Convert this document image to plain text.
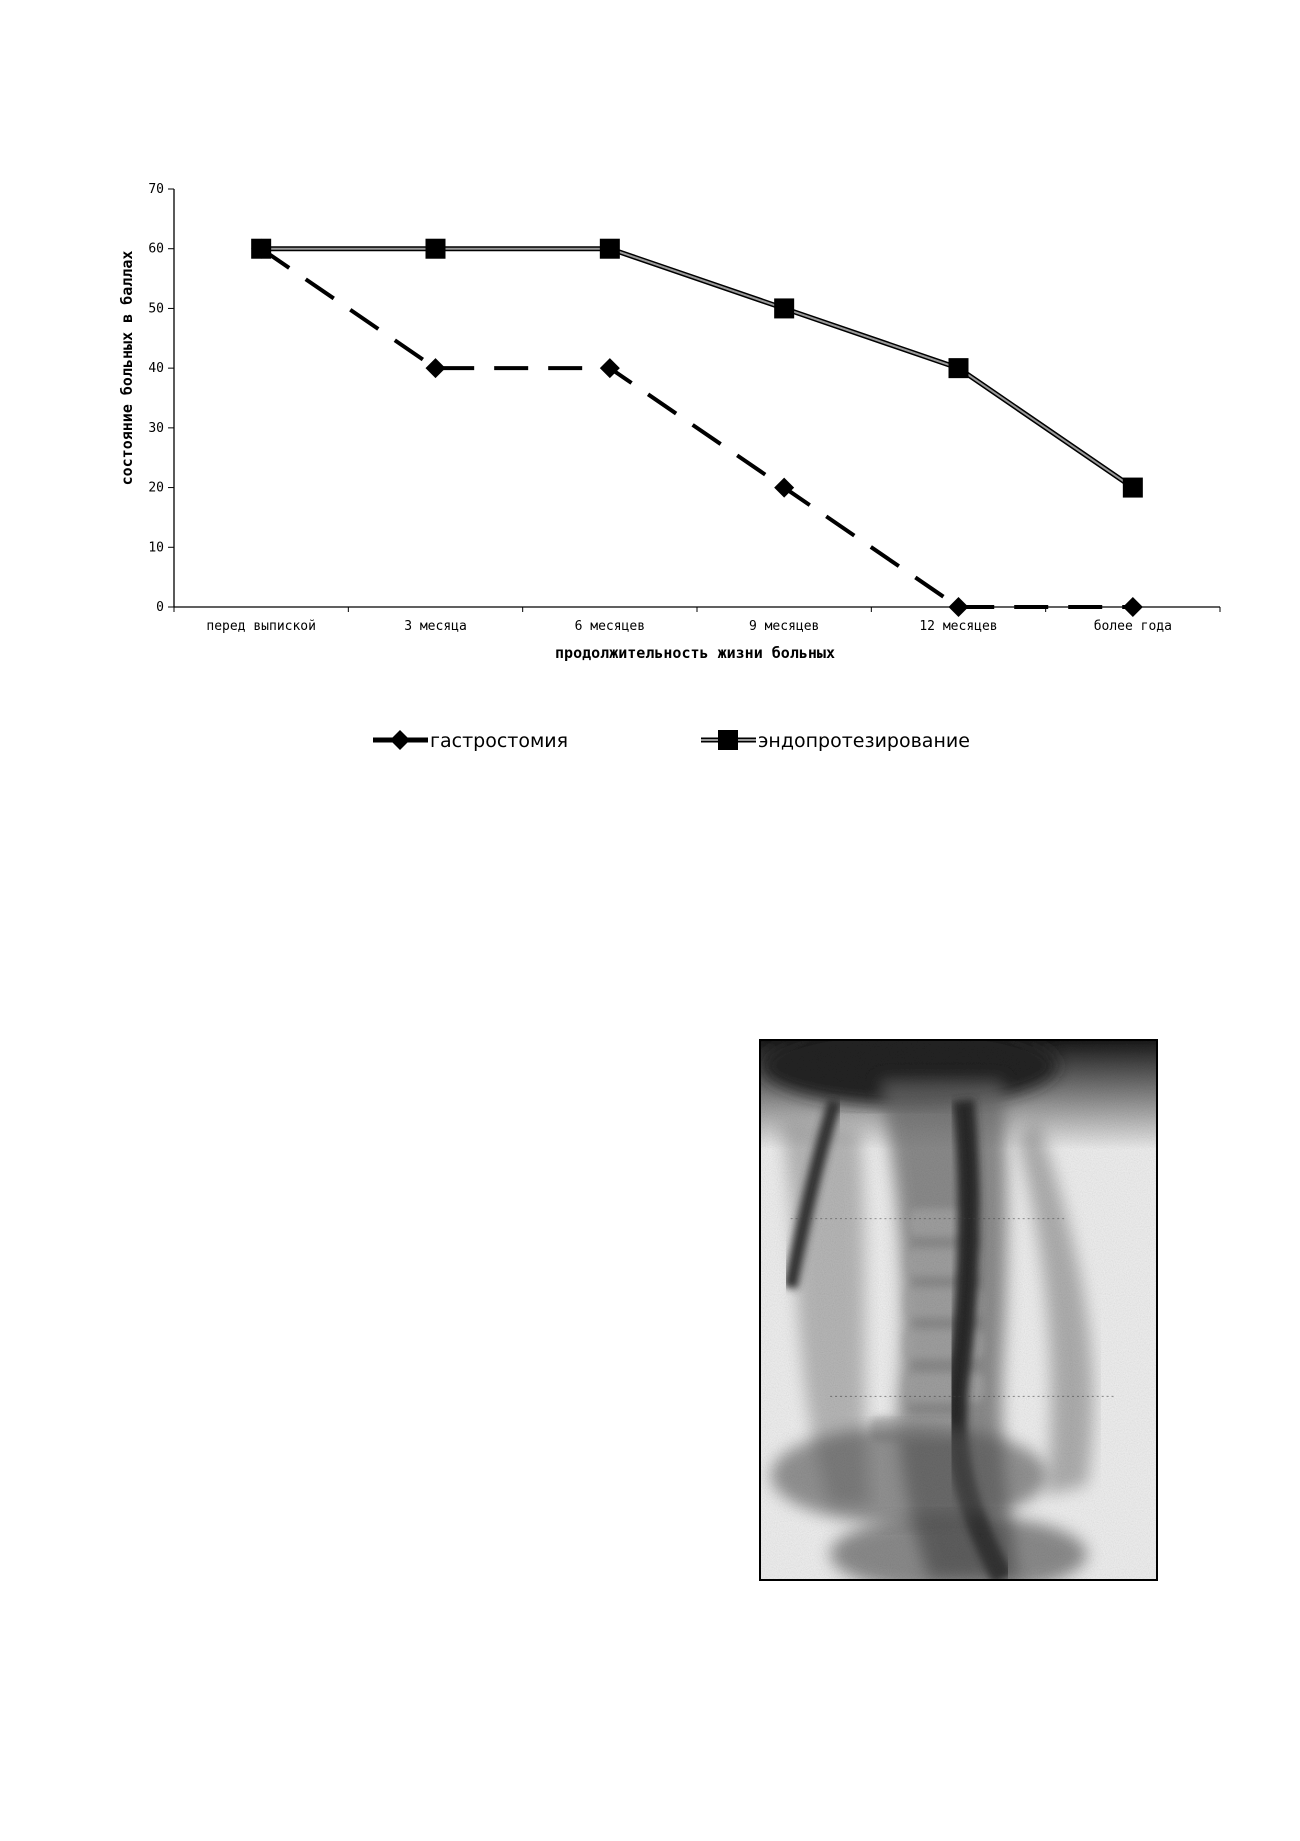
0
10
20
30
40
50
60
70
перед выпиской	3 месяца	6 месяцев	9 месяцев	12 месяцев	более года
состояние больных в баллах
продолжительность жизни больных
гастростомия	эндопротезирование
